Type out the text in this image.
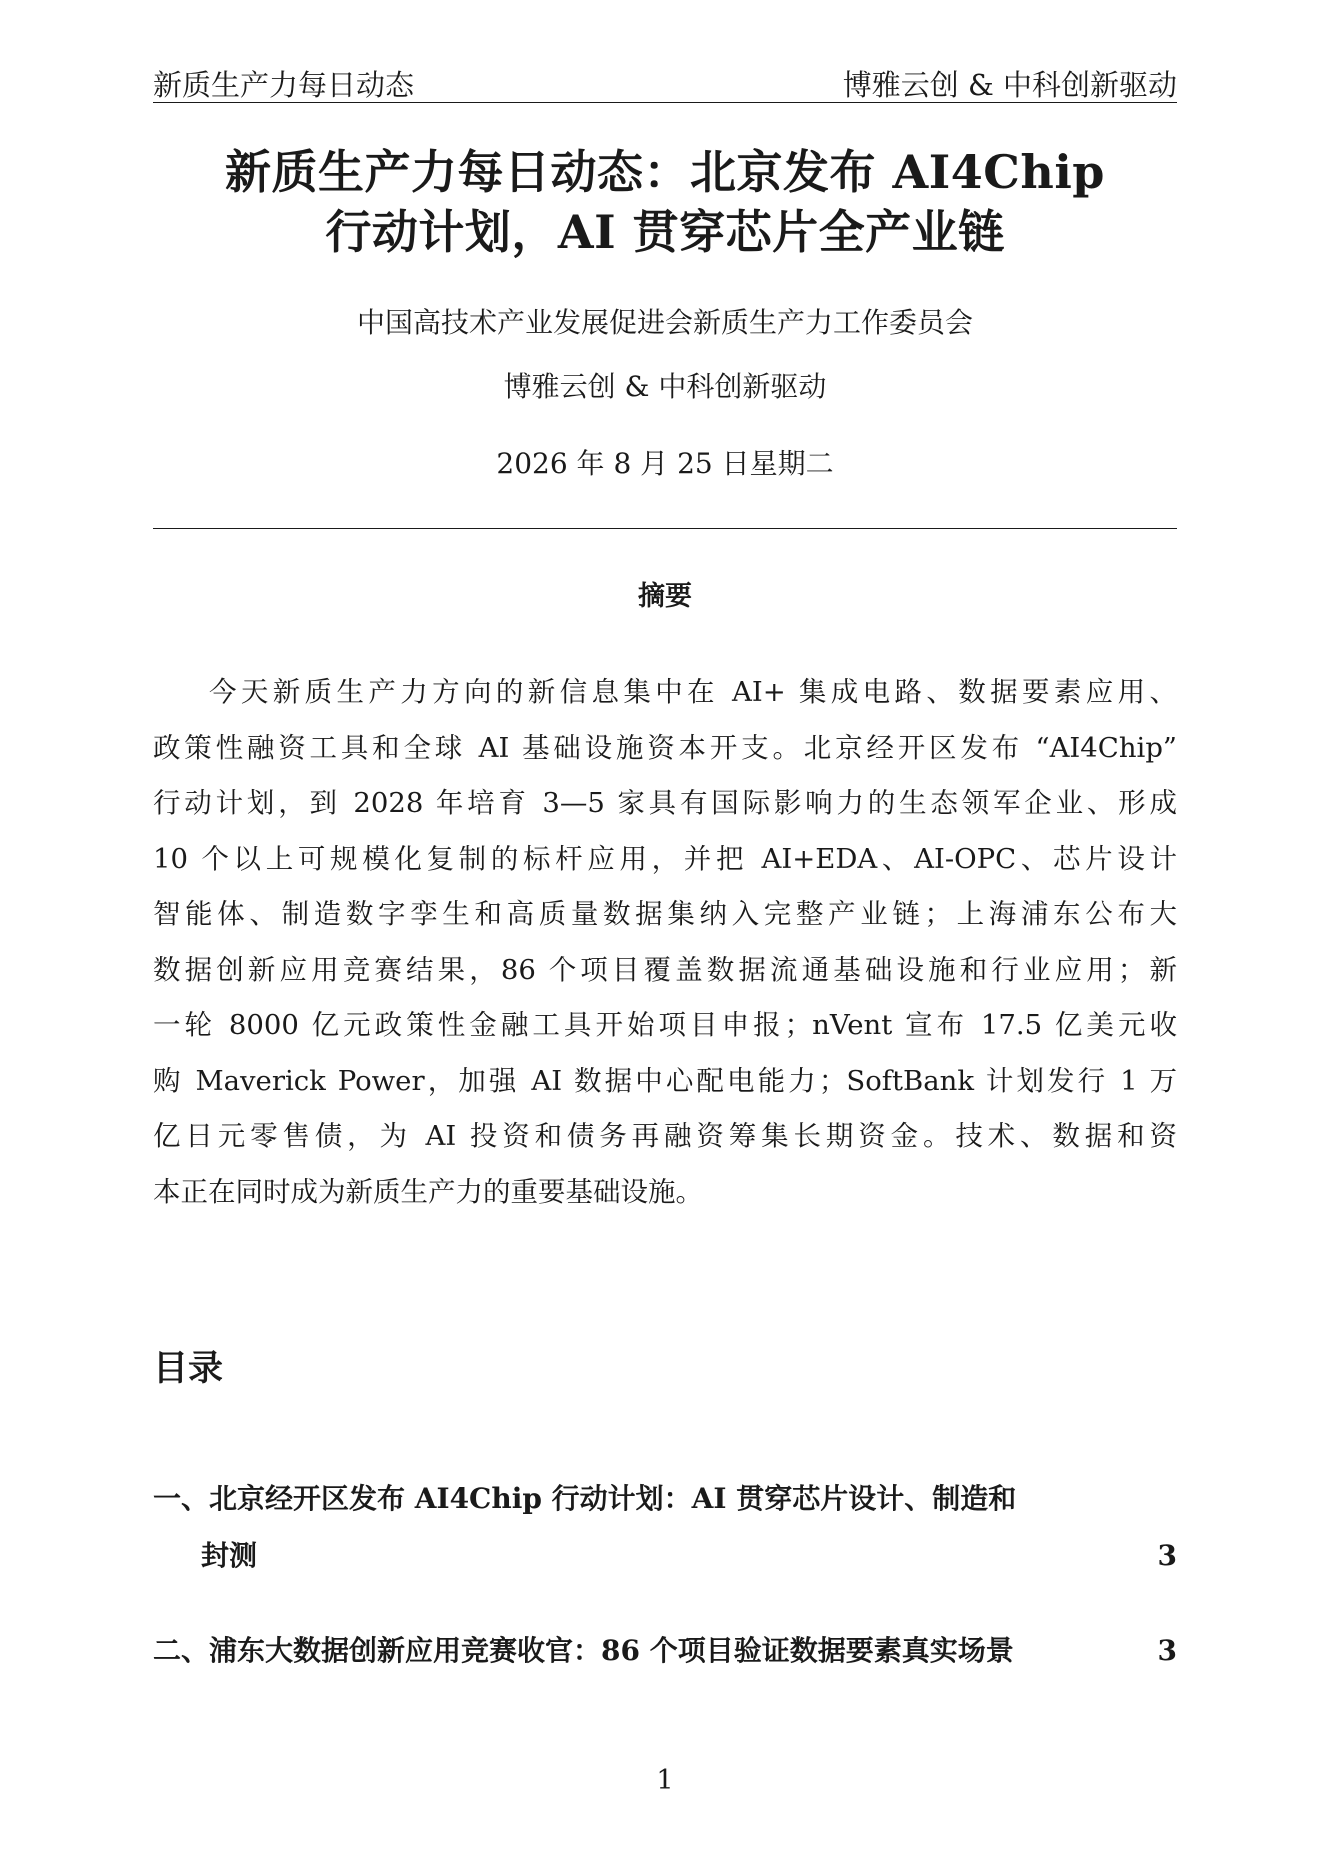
新质生产力每日动态	博雅云创 & 中科创新驱动
新质生产力每日动态：北京发布 AI4Chip
行动计划，AI 贯穿芯片全产业链
中国高技术产业发展促进会新质生产力工作委员会
博雅云创 & 中科创新驱动
2026 年 8 月 25 日星期二
摘要
今天新质生产力方向的新信息集中在 AI+ 集成电路、数据要素应用、
政策性融资工具和全球 AI 基础设施资本开支。北京经开区发布 “AI4Chip”
行动计划，到 2028 年培育 3—5 家具有国际影响力的生态领军企业、形成
10 个以上可规模化复制的标杆应用，并把 AI+EDA、AI-OPC、芯片设计
智能体、制造数字孪生和高质量数据集纳入完整产业链；上海浦东公布大
数据创新应用竞赛结果，86 个项目覆盖数据流通基础设施和行业应用；新
一轮 8000 亿元政策性金融工具开始项目申报；nVent 宣布 17.5 亿美元收
购 Maverick Power，加强 AI 数据中心配电能力；SoftBank 计划发行 1 万
亿日元零售债，为 AI 投资和债务再融资筹集长期资金。技术、数据和资
本正在同时成为新质生产力的重要基础设施。
目录
一、北京经开区发布 AI4Chip 行动计划：AI 贯穿芯片设计、制造和
封测	3
二、浦东大数据创新应用竞赛收官：86 个项目验证数据要素真实场景	3
1
